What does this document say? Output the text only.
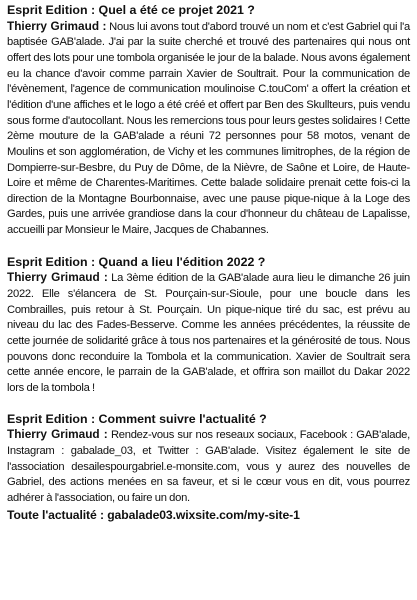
Esprit Edition : Quel a été ce projet 2021 ?

Thierry Grimaud : Nous lui avons tout d'abord trouvé un nom et c'est Gabriel qui l'a baptisée GAB'alade. J'ai par la suite cherché et trouvé des partenaires qui nous ont offert des lots pour une tombola organisée le jour de la balade. Nous avons également eu la chance d'avoir comme parrain Xavier de Soultrait. Pour la communication de l'évènement, l'agence de communication moulinoise C.touCom' a offert la création et l'édition d'une affiches et le logo a été créé et offert par Ben des Skullteurs, puis vendu sous forme d'autocollant. Nous les remercions tous pour leurs gestes solidaires ! Cette 2ème mouture de la GAB'alade a réuni 72 personnes pour 58 motos, venant de Moulins et son agglomération, de Vichy et les communes limitrophes, de la région de Dompierre-sur-Besbre, du Puy de Dôme, de la Nièvre, de Saône et Loire, de Haute-Loire et même de Charentes-Maritimes. Cette balade solidaire prenait cette fois-ci la direction de la Montagne Bourbonnaise, avec une pause pique-nique à la Loge des Gardes, puis une arrivée grandiose dans la cour d'honneur du château de Lapalisse, accueilli par Monsieur le Maire, Jacques de Chabannes.

Esprit Edition : Quand a lieu l'édition 2022 ?

Thierry Grimaud : La 3ème édition de la GAB'alade aura lieu le dimanche 26 juin 2022. Elle s'élancera de St. Pourçain-sur-Sioule, pour une boucle dans les Combrailles, puis retour à St. Pourçain. Un pique-nique tiré du sac, est prévu au niveau du lac des Fades-Besserve. Comme les années précédentes, la réussite de cette journée de solidarité grâce à tous nos partenaires et la générosité de tous. Nous pouvons donc reconduire la Tombola et la communication. Xavier de Soultrait sera cette année encore, le parrain de la GAB'alade, et offrira son maillot du Dakar 2022 lors de la tombola !

Esprit Edition : Comment suivre l'actualité ?

Thierry Grimaud : Rendez-vous sur nos reseaux sociaux, Facebook : GAB'alade, Instagram : gabalade_03, et Twitter : GAB'alade. Visitez également le site de l'association desailespourgabriel.e-monsite.com, vous y aurez des nouvelles de Gabriel, des actions menées en sa faveur, et si le cœur vous en dit, vous pourrez adhérer à l'association, ou faire un don.

Toute l'actualité : gabalade03.wixsite.com/my-site-1
